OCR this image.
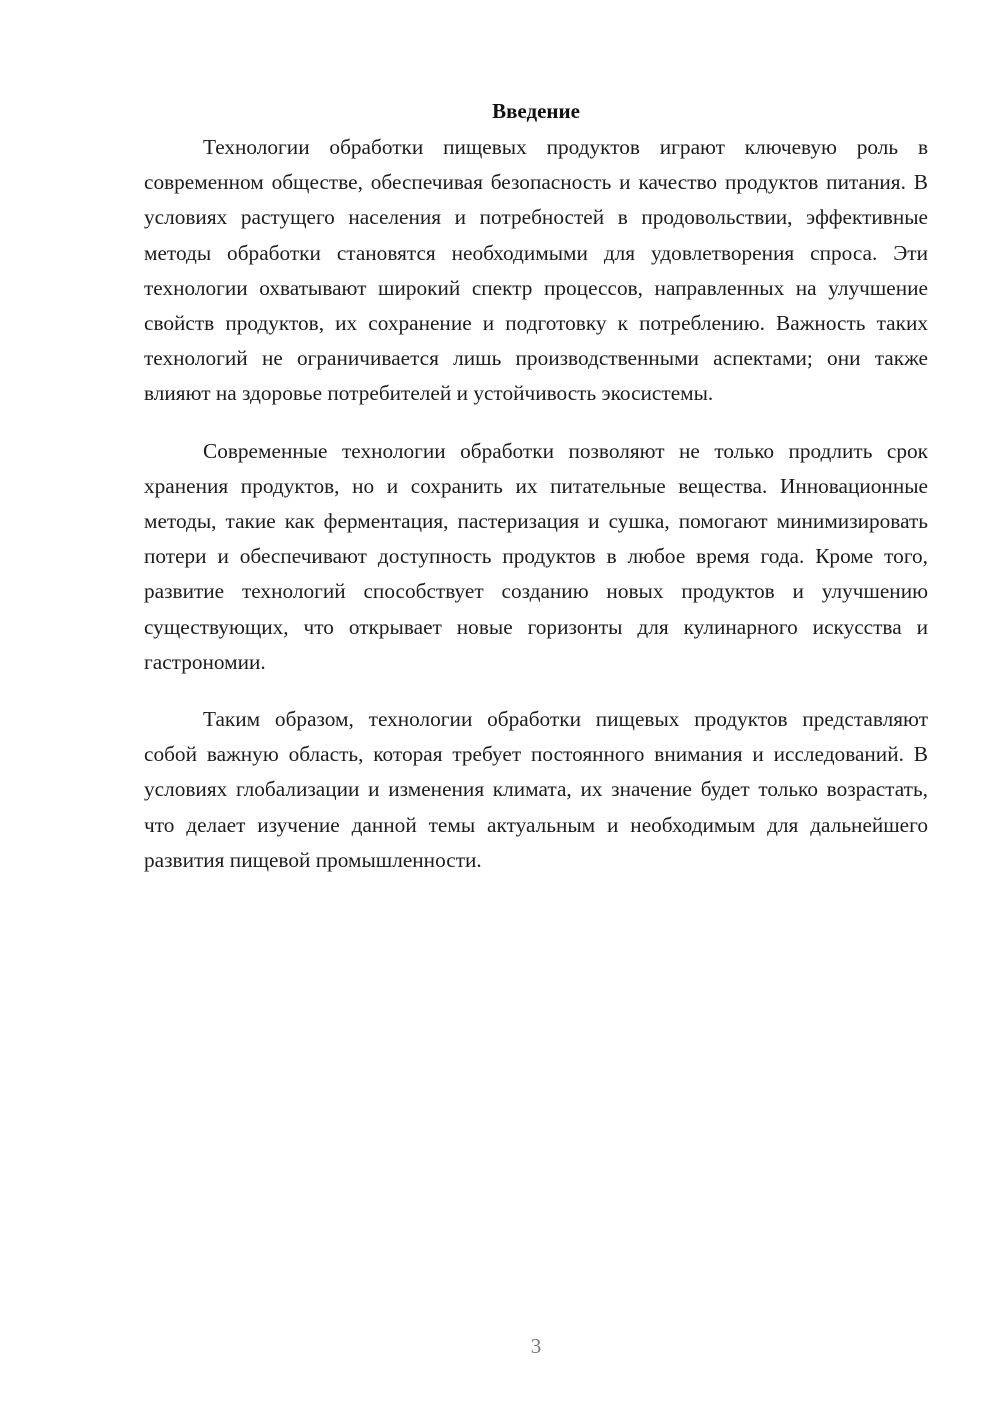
Введение

Технологии обработки пищевых продуктов играют ключевую роль в современном обществе, обеспечивая безопасность и качество продуктов питания. В условиях растущего населения и потребностей в продовольствии, эффективные методы обработки становятся необходимыми для удовлетворения спроса. Эти технологии охватывают широкий спектр процессов, направленных на улучшение свойств продуктов, их сохранение и подготовку к потреблению. Важность таких технологий не ограничивается лишь производственными аспектами; они также влияют на здоровье потребителей и устойчивость экосистемы.

Современные технологии обработки позволяют не только продлить срок хранения продуктов, но и сохранить их питательные вещества. Инновационные методы, такие как ферментация, пастеризация и сушка, помогают минимизировать потери и обеспечивают доступность продуктов в любое время года. Кроме того, развитие технологий способствует созданию новых продуктов и улучшению существующих, что открывает новые горизонты для кулинарного искусства и гастрономии.

Таким образом, технологии обработки пищевых продуктов представляют собой важную область, которая требует постоянного внимания и исследований. В условиях глобализации и изменения климата, их значение будет только возрастать, что делает изучение данной темы актуальным и необходимым для дальнейшего развития пищевой промышленности.

3
